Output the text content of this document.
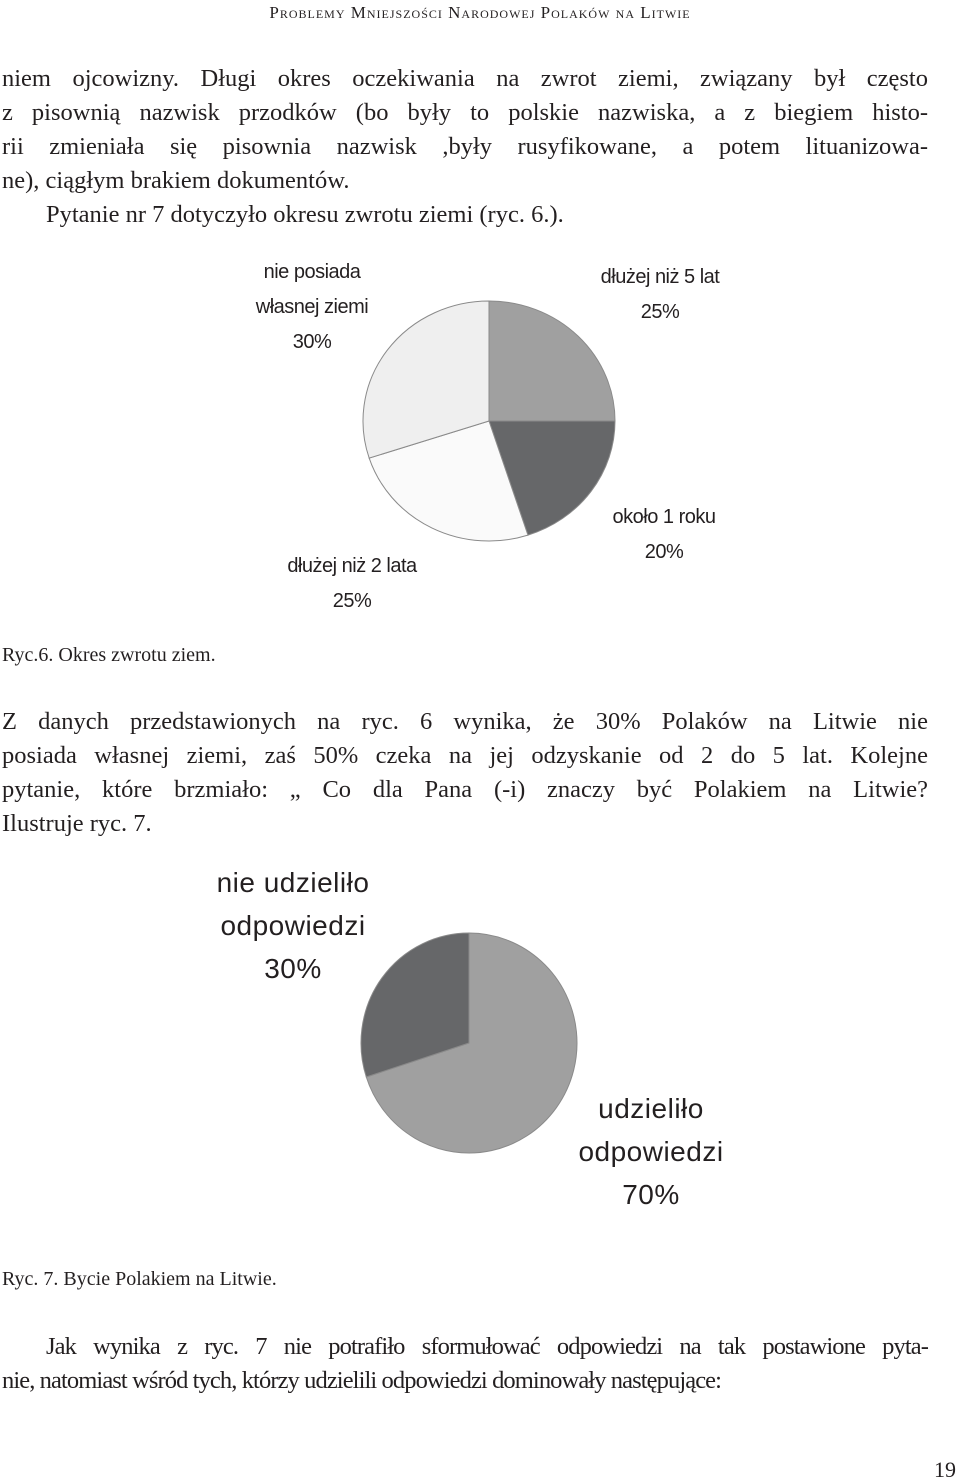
Problemy Mniejszości Narodowej Polaków na Litwie
niem ojcowizny. Długi okres oczekiwania na zwrot ziemi, związany był często
z pisownią nazwisk przodków (bo były to polskie nazwiska, a z biegiem histo-
rii zmieniała się pisownia nazwisk ,były rusyfikowane, a potem lituanizowa-
ne), ciągłym brakiem dokumentów.
Pytanie nr 7 dotyczyło okresu zwrotu ziemi (ryc. 6.).
dłużej niż 5 lat
25%
około 1 roku
20%
dłużej niż 2 lata
25%
nie posiada
własnej ziemi
30%
udzieliło
odpowiedzi
70%
nie udzieliło
odpowiedzi
30%
Ryc.6. Okres zwrotu ziem.
Z danych przedstawionych na ryc. 6 wynika, że 30% Polaków na Litwie nie
posiada własnej ziemi, zaś 50% czeka na jej odzyskanie od 2 do 5 lat. Kolejne
pytanie, które brzmiało: „ Co dla Pana (-i) znaczy być Polakiem na Litwie?
Ilustruje ryc. 7.
Ryc. 7. Bycie Polakiem na Litwie.
Jak wynika z ryc. 7 nie potrafiło sformułować odpowiedzi na tak postawione pyta-
nie, natomiast wśród tych, którzy udzielili odpowiedzi dominowały następujące:
19
